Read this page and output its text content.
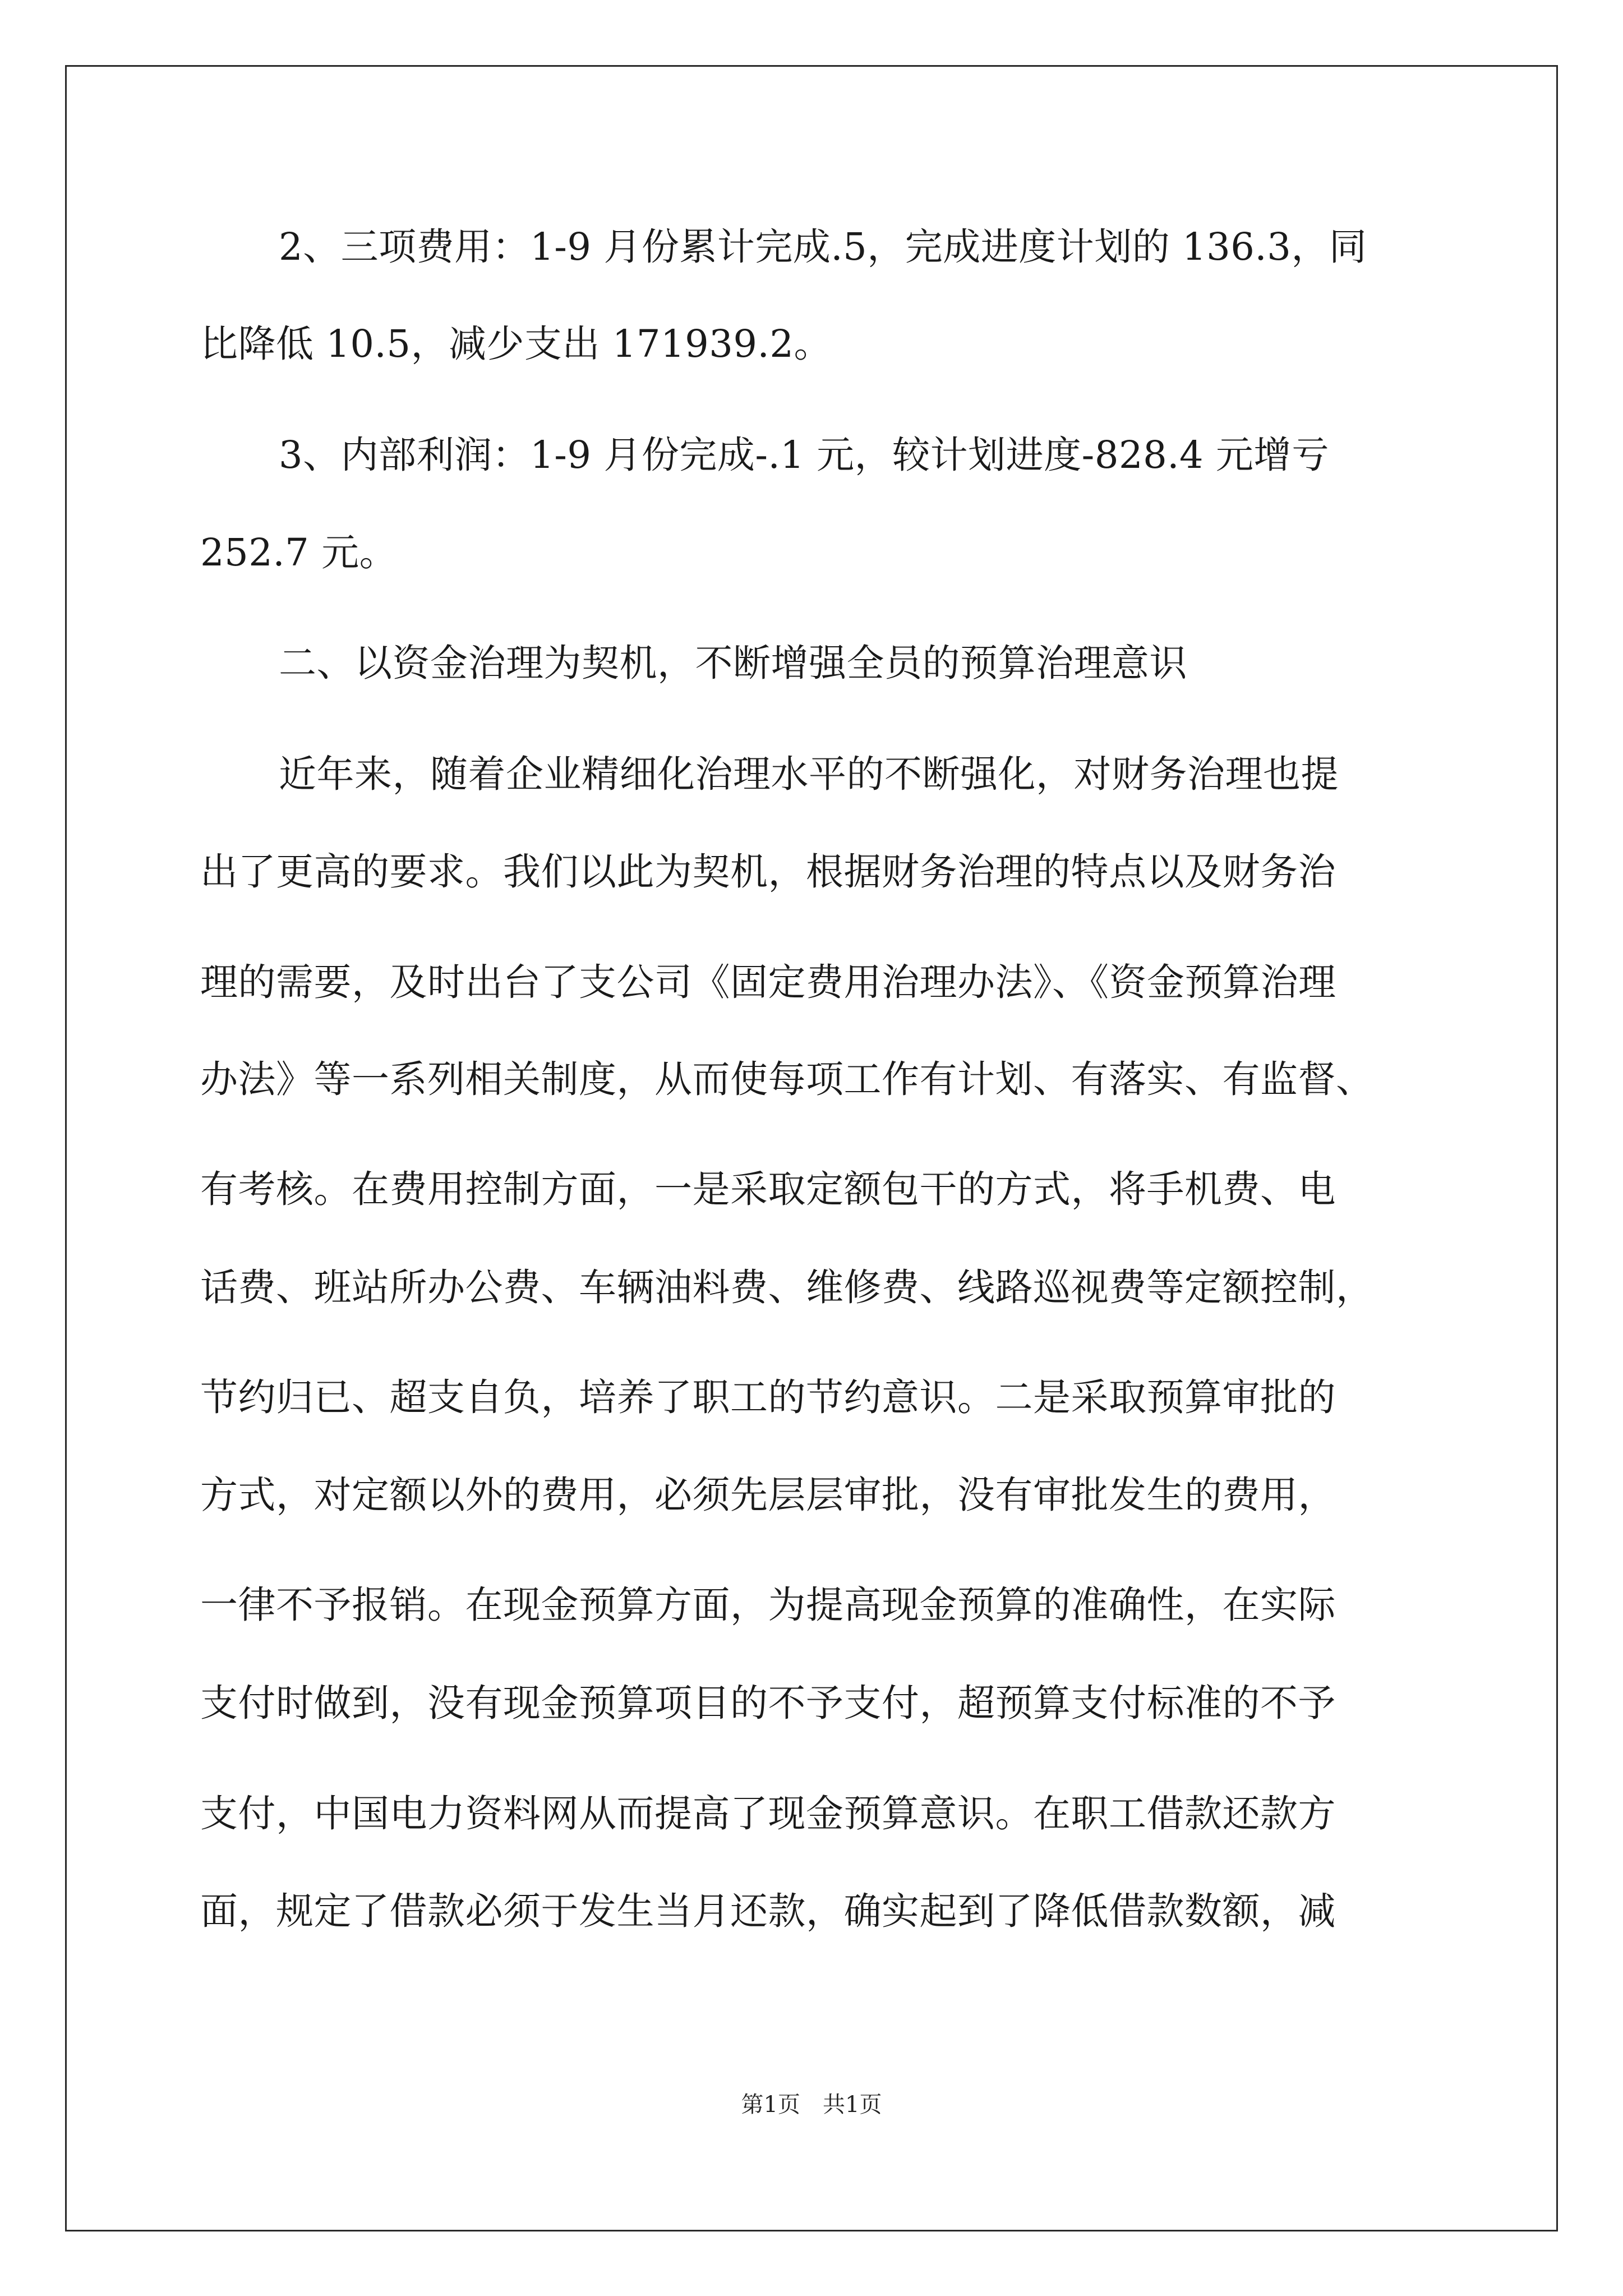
2、三项费用：1-9 月份累计完成.5，完成进度计划的 136.3，同
比降低 10.5，减少支出 171939.2。
3、内部利润：1-9 月份完成-.1 元，较计划进度-828.4 元增亏
252.7 元。
二、以资金治理为契机，不断增强全员的预算治理意识
近年来，随着企业精细化治理水平的不断强化，对财务治理也提
出了更高的要求。我们以此为契机，根据财务治理的特点以及财务治
理的需要，及时出台了支公司《固定费用治理办法》、《资金预算治理
办法》等一系列相关制度，从而使每项工作有计划、有落实、有监督、
有考核。在费用控制方面，一是采取定额包干的方式，将手机费、电
话费、班站所办公费、车辆油料费、维修费、线路巡视费等定额控制，
节约归已、超支自负，培养了职工的节约意识。二是采取预算审批的
方式，对定额以外的费用，必须先层层审批，没有审批发生的费用，
一律不予报销。在现金预算方面，为提高现金预算的准确性，在实际
支付时做到，没有现金预算项目的不予支付，超预算支付标准的不予
支付，中国电力资料网从而提高了现金预算意识。在职工借款还款方
面，规定了借款必须于发生当月还款，确实起到了降低借款数额，减
第1页　共1页
